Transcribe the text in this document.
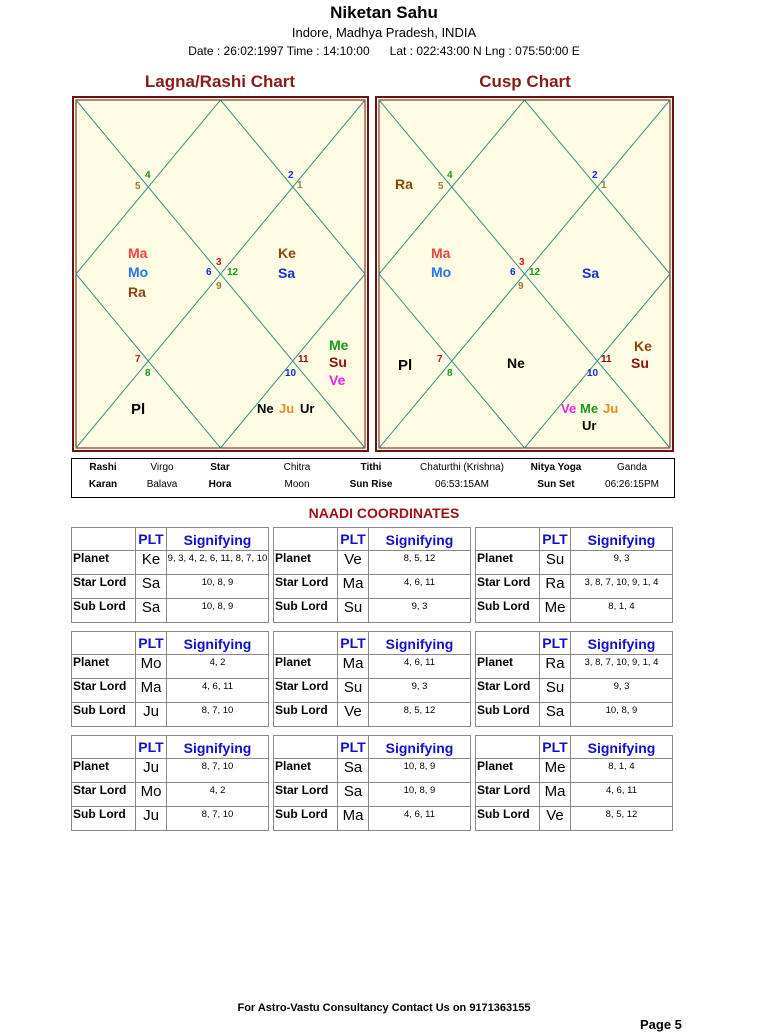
Niketan Sahu
Indore, Madhya Pradesh, INDIA
Date : 26:02:1997 Time : 14:10:00      Lat : 022:43:00 N Lng : 075:50:00 E
Lagna/Rashi Chart	Cusp Chart
4
5
2
1
3
6 12
9
7
8
11
10
Ma
Mo
Ra
Ke
Sa
Me
Su
Ve
Pl	Ne Ju Ur
4
5
2
1
3
6 12
9
7
8
11
10
Ra
Ma
Mo	Sa
Pl	Ne
Ke
Su
Ve Me Ju
Ur
Rashi	Virgo	Star	Chitra	Tithi	Chaturthi (Krishna)	Nitya Yoga	Ganda
Karan	Balava	Hora	Moon	Sun Rise	06:53:15AM	Sun Set	06:26:15PM
NAADI COORDINATES
	PLT	Signifying
Planet	Ke	9, 3, 4, 2, 6, 11, 8, 7, 10
Star Lord	Sa	10, 8, 9
Sub Lord	Sa	10, 8, 9
	PLT	Signifying
Planet	Ve	8, 5, 12
Star Lord	Ma	4, 6, 11
Sub Lord	Su	9, 3
	PLT	Signifying
Planet	Su	9, 3
Star Lord	Ra	3, 8, 7, 10, 9, 1, 4
Sub Lord	Me	8, 1, 4
	PLT	Signifying
Planet	Mo	4, 2
Star Lord	Ma	4, 6, 11
Sub Lord	Ju	8, 7, 10
	PLT	Signifying
Planet	Ma	4, 6, 11
Star Lord	Su	9, 3
Sub Lord	Ve	8, 5, 12
	PLT	Signifying
Planet	Ra	3, 8, 7, 10, 9, 1, 4
Star Lord	Su	9, 3
Sub Lord	Sa	10, 8, 9
	PLT	Signifying
Planet	Ju	8, 7, 10
Star Lord	Mo	4, 2
Sub Lord	Ju	8, 7, 10
	PLT	Signifying
Planet	Sa	10, 8, 9
Star Lord	Sa	10, 8, 9
Sub Lord	Ma	4, 6, 11
	PLT	Signifying
Planet	Me	8, 1, 4
Star Lord	Ma	4, 6, 11
Sub Lord	Ve	8, 5, 12
For Astro-Vastu Consultancy Contact Us on 9171363155
Page 5
